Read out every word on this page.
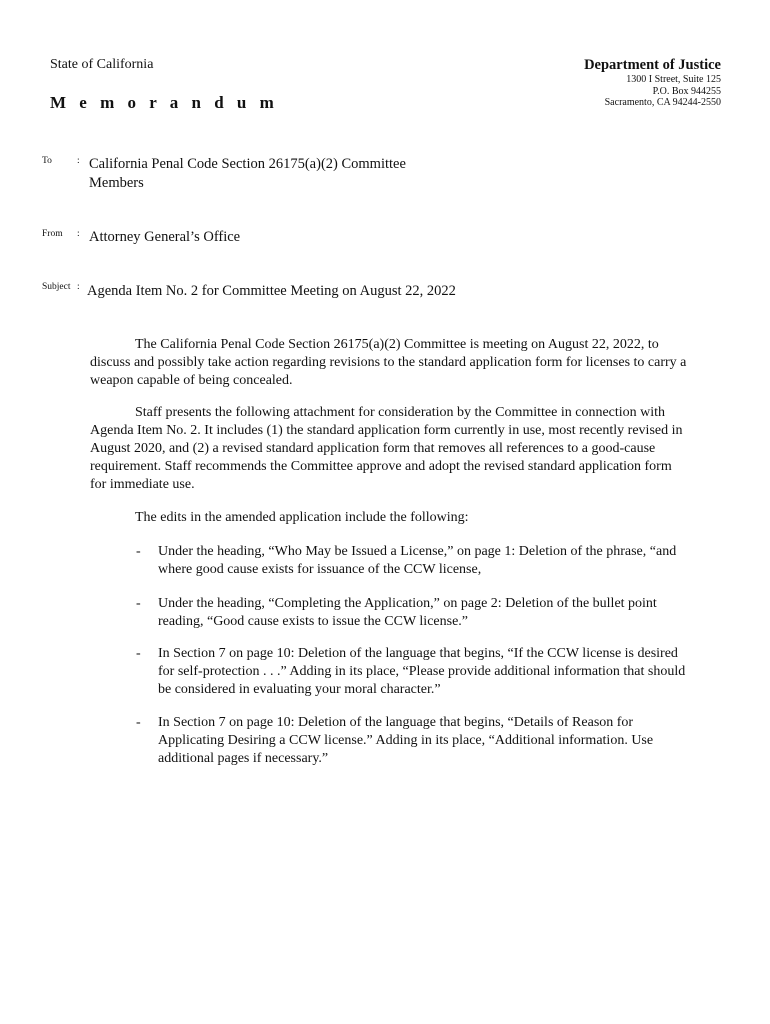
State of California
M e m o r a n d u m
Department of Justice
1300 I Street, Suite 125
P.O. Box 944255
Sacramento, CA 94244-2550
To	: California Penal Code Section 26175(a)(2) Committee Members
From : Attorney General’s Office
Subject : Agenda Item No. 2 for Committee Meeting on August 22, 2022

The California Penal Code Section 26175(a)(2) Committee is meeting on August 22, 2022, to discuss and possibly take action regarding revisions to the standard application form for licenses to carry a weapon capable of being concealed.

Staff presents the following attachment for consideration by the Committee in connection with Agenda Item No. 2. It includes (1) the standard application form currently in use, most recently revised in August 2020, and (2) a revised standard application form that removes all references to a good-cause requirement. Staff recommends the Committee approve and adopt the revised standard application form for immediate use.

The edits in the amended application include the following:
- Under the heading, “Who May be Issued a License,” on page 1: Deletion of the phrase, “and where good cause exists for issuance of the CCW license,
- Under the heading, “Completing the Application,” on page 2: Deletion of the bullet point reading, “Good cause exists to issue the CCW license.”
- In Section 7 on page 10: Deletion of the language that begins, “If the CCW license is desired for self-protection . . .” Adding in its place, “Please provide additional information that should be considered in evaluating your moral character.”
- In Section 7 on page 10: Deletion of the language that begins, “Details of Reason for Applicating Desiring a CCW license.” Adding in its place, “Additional information. Use additional pages if necessary.”
